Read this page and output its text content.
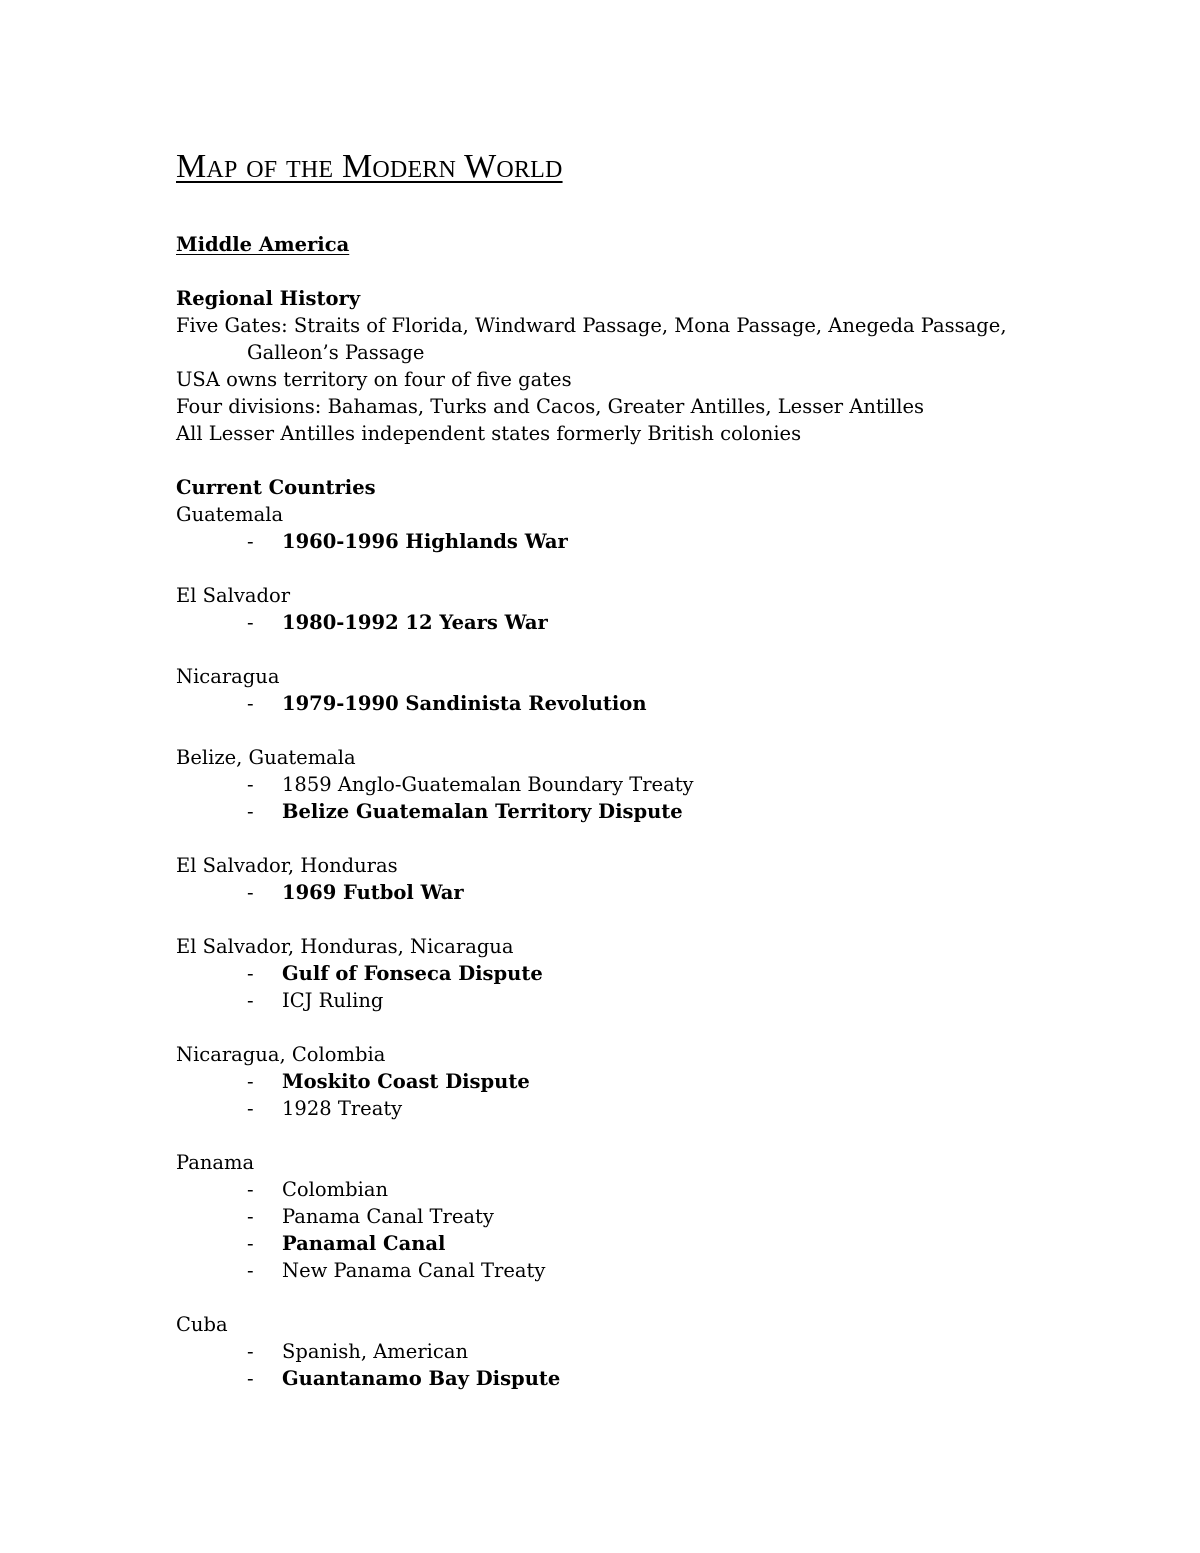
Map of the Modern World
Middle America
Regional History
Five Gates: Straits of Florida, Windward Passage, Mona Passage, Anegeda Passage,
Galleon’s Passage
USA owns territory on four of five gates
Four divisions: Bahamas, Turks and Cacos, Greater Antilles, Lesser Antilles
All Lesser Antilles independent states formerly British colonies
Current Countries
Guatemala
-	1960-1996 Highlands War
El Salvador
-	1980-1992 12 Years War
Nicaragua
-	1979-1990 Sandinista Revolution
Belize, Guatemala
-	1859 Anglo-Guatemalan Boundary Treaty
-	Belize Guatemalan Territory Dispute
El Salvador, Honduras
-	1969 Futbol War
El Salvador, Honduras, Nicaragua
-	Gulf of Fonseca Dispute
-	ICJ Ruling
Nicaragua, Colombia
-	Moskito Coast Dispute
-	1928 Treaty
Panama
-	Colombian
-	Panama Canal Treaty
-	Panamal Canal
-	New Panama Canal Treaty
Cuba
-	Spanish, American
-	Guantanamo Bay Dispute
